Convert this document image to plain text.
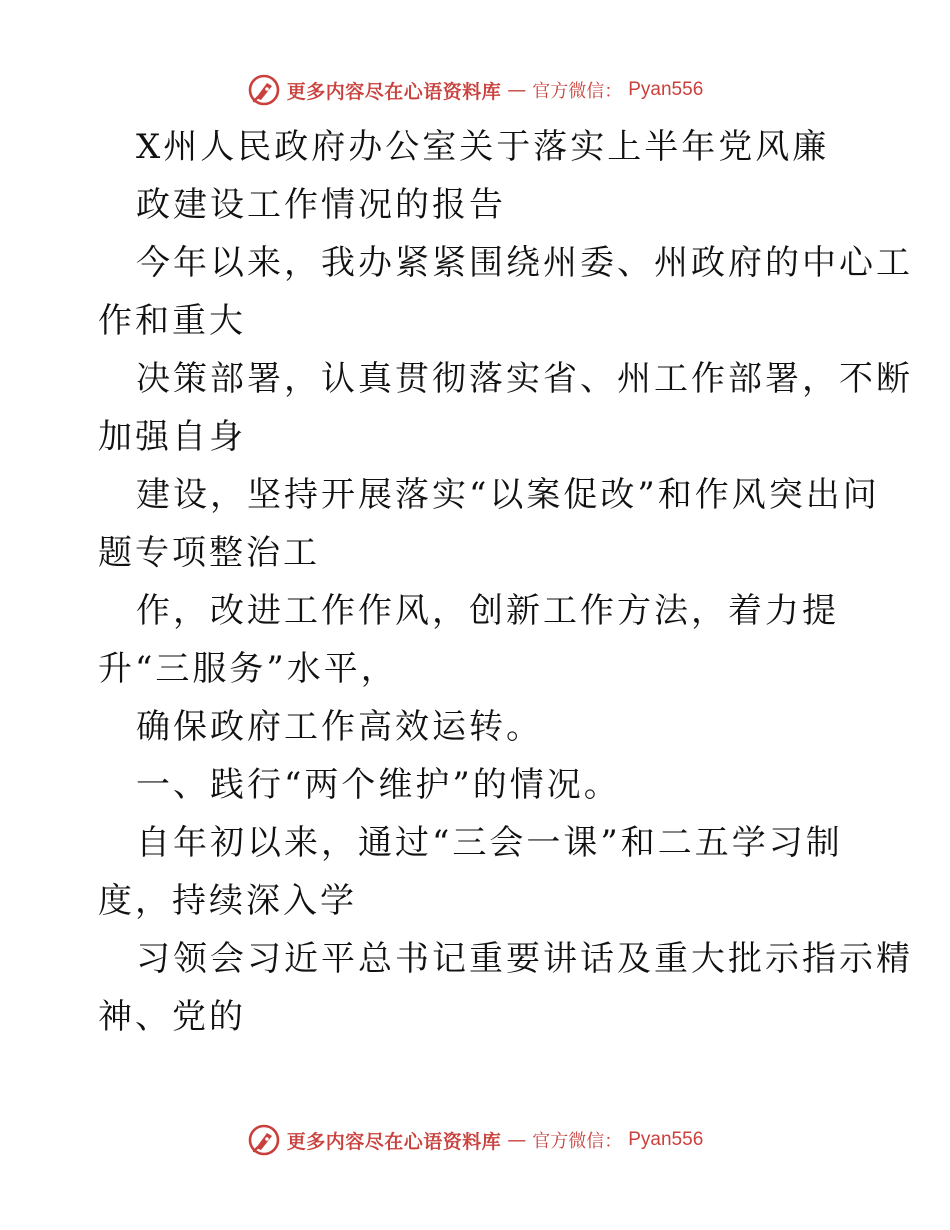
更多内容尽在心语资料库 — 官方微信： Pyan556
X州人民政府办公室关于落实上半年党风廉
政建设工作情况的报告
今年以来，我办紧紧围绕州委、州政府的中心工
作和重大
决策部署，认真贯彻落实省、州工作部署，不断
加强自身
建设，坚持开展落实“以案促改”和作风突出问
题专项整治工
作，改进工作作风，创新工作方法，着力提
升“三服务”水平，
确保政府工作高效运转。
一、践行“两个维护”的情况。
自年初以来，通过“三会一课”和二五学习制
度，持续深入学
习领会习近平总书记重要讲话及重大批示指示精
神、党的
更多内容尽在心语资料库 — 官方微信： Pyan556
